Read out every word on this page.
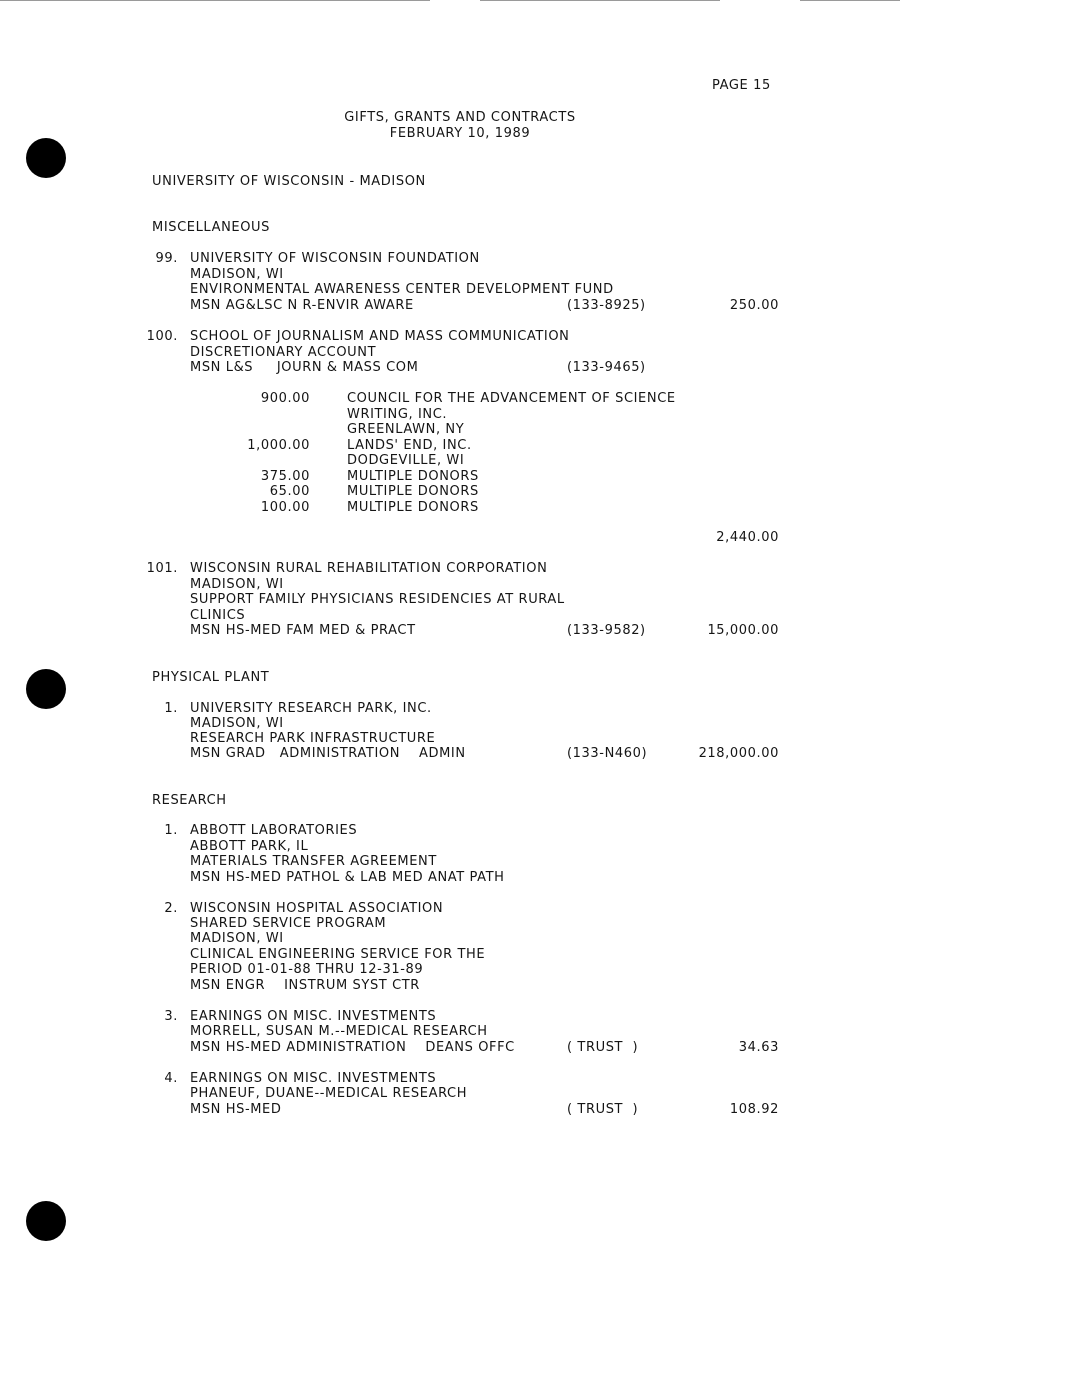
PAGE 15
GIFTS, GRANTS AND CONTRACTS
FEBRUARY 10, 1989
UNIVERSITY OF WISCONSIN - MADISON
MISCELLANEOUS
99. UNIVERSITY OF WISCONSIN FOUNDATION
MADISON, WI
ENVIRONMENTAL AWARENESS CENTER DEVELOPMENT FUND
MSN AG&LSC N R-ENVIR AWARE	(133-8925)	250.00
100. SCHOOL OF JOURNALISM AND MASS COMMUNICATION
DISCRETIONARY ACCOUNT
MSN L&S     JOURN & MASS COM	(133-9465)
900.00	COUNCIL FOR THE ADVANCEMENT OF SCIENCE
WRITING, INC.
GREENLAWN, NY
1,000.00	LANDS' END, INC.
DODGEVILLE, WI
375.00	MULTIPLE DONORS
65.00	MULTIPLE DONORS
100.00	MULTIPLE DONORS
2,440.00
101. WISCONSIN RURAL REHABILITATION CORPORATION
MADISON, WI
SUPPORT FAMILY PHYSICIANS RESIDENCIES AT RURAL
CLINICS
MSN HS-MED FAM MED & PRACT	(133-9582)	15,000.00
PHYSICAL PLANT
1. UNIVERSITY RESEARCH PARK, INC.
MADISON, WI
RESEARCH PARK INFRASTRUCTURE
MSN GRAD   ADMINISTRATION    ADMIN	(133-N460)	218,000.00
RESEARCH
1. ABBOTT LABORATORIES
ABBOTT PARK, IL
MATERIALS TRANSFER AGREEMENT
MSN HS-MED PATHOL & LAB MED ANAT PATH
2. WISCONSIN HOSPITAL ASSOCIATION
SHARED SERVICE PROGRAM
MADISON, WI
CLINICAL ENGINEERING SERVICE FOR THE
PERIOD 01-01-88 THRU 12-31-89
MSN ENGR    INSTRUM SYST CTR
3. EARNINGS ON MISC. INVESTMENTS
MORRELL, SUSAN M.--MEDICAL RESEARCH
MSN HS-MED ADMINISTRATION    DEANS OFFC	( TRUST  )	34.63
4. EARNINGS ON MISC. INVESTMENTS
PHANEUF, DUANE--MEDICAL RESEARCH
MSN HS-MED	( TRUST  )	108.92
